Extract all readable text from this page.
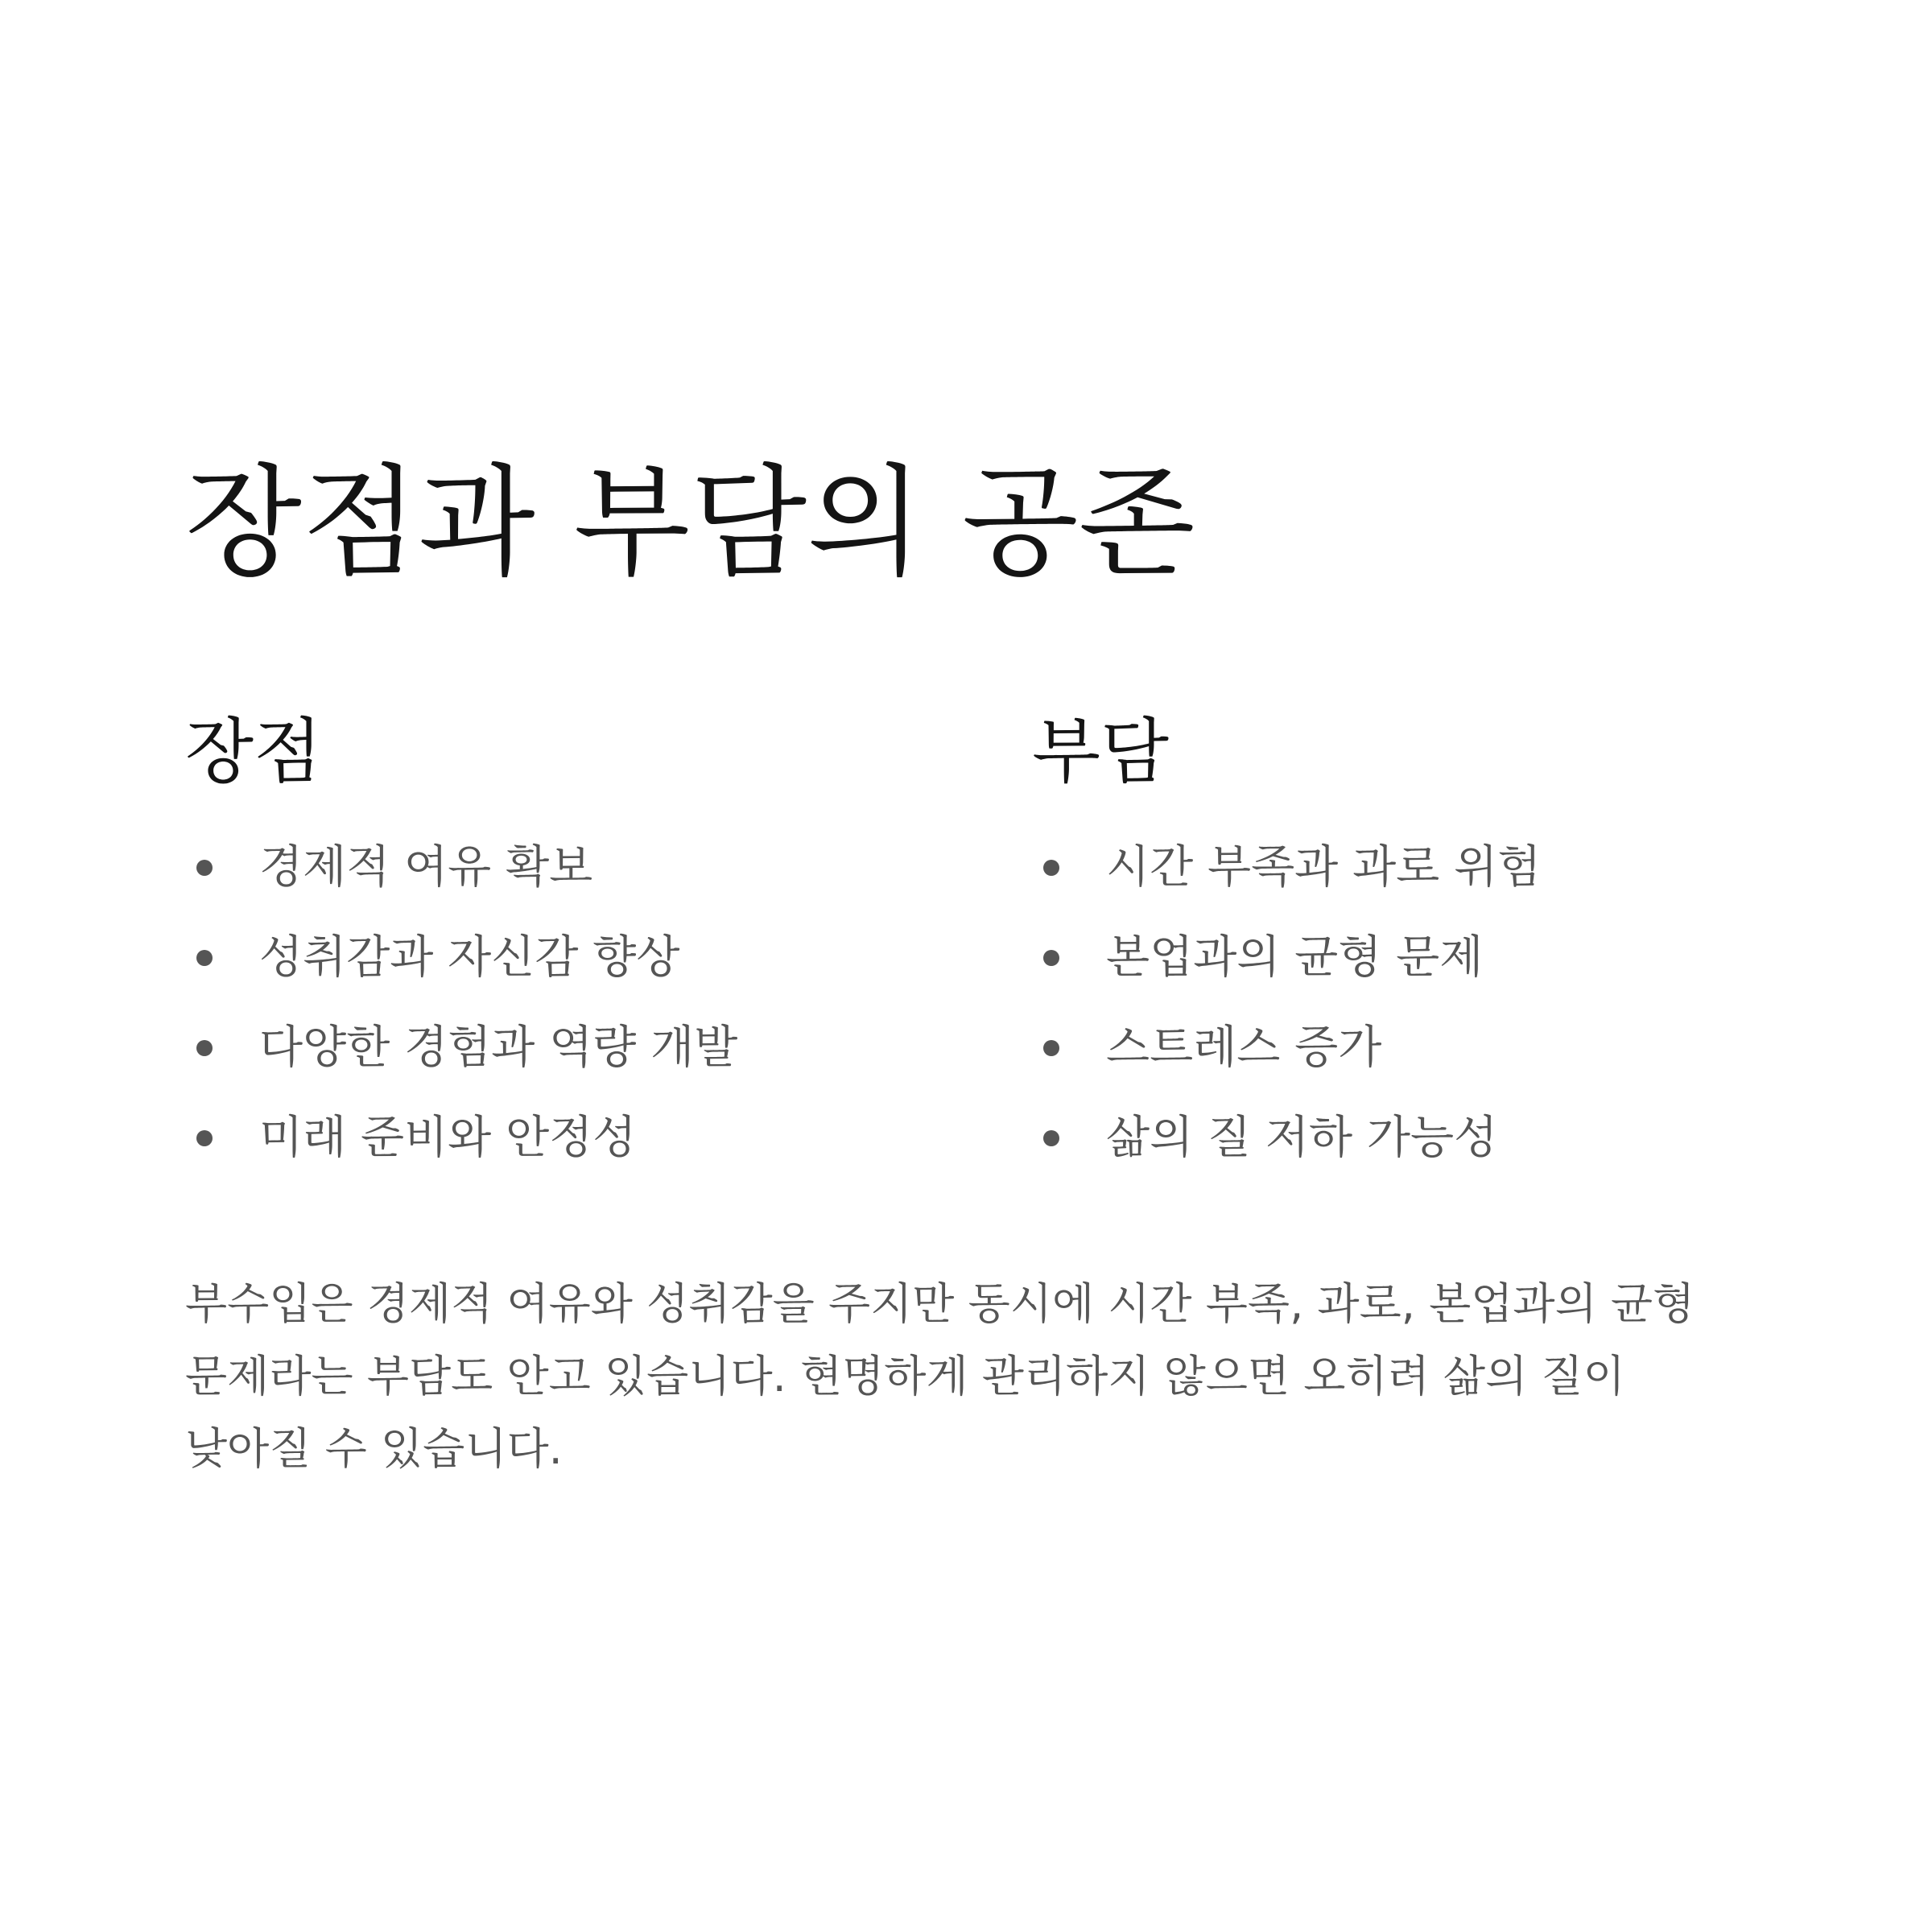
장점과 부담의 공존
장점
경제적 여유 확보
성취감과 자신감 향상
다양한 경험과 역량 개발
미래 준비와 안정성
부담
시간 부족과 과로 위험
본업과의 균형 문제
스트레스 증가
삶의 질 저하 가능성

부수입은 경제적 여유와 성취감을 주지만 동시에 시간 부족, 과로, 본업과의 균형 문제라는 부담도 안고 있습니다. 현명하게 관리하지 않으면 오히려 삶의 질이 낮아질 수 있습니다.
